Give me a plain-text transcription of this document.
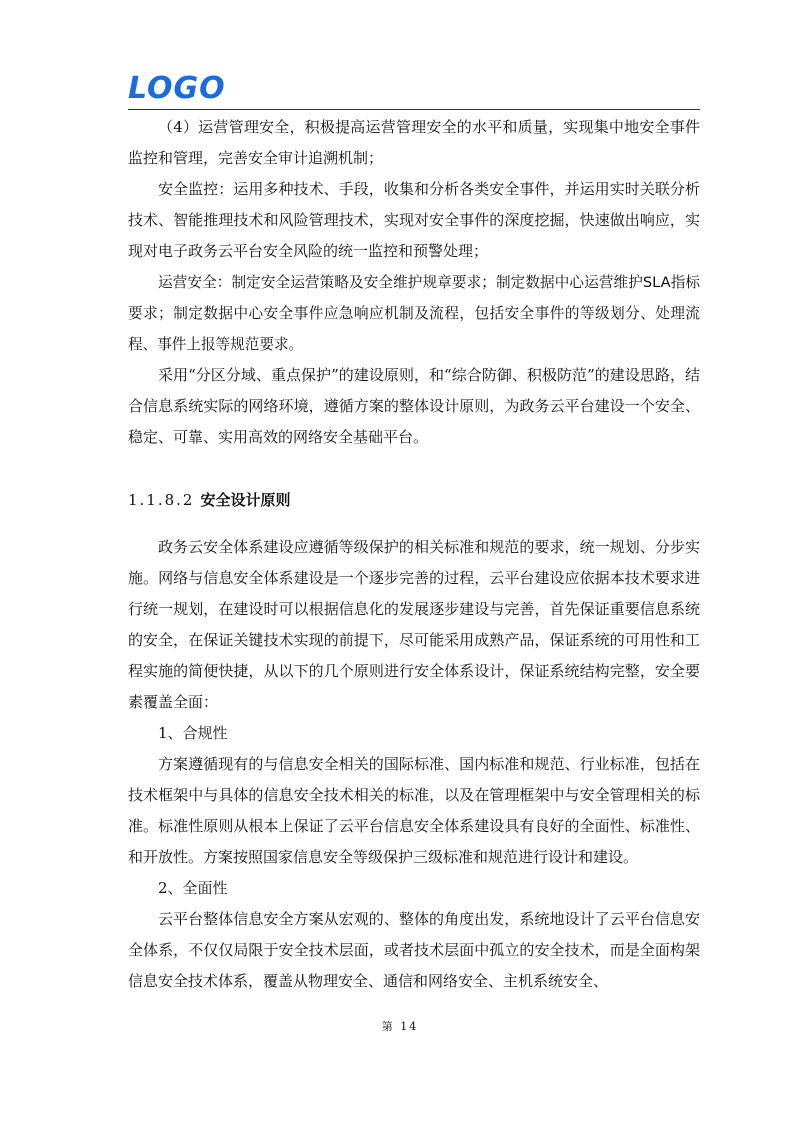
LOGO

（4）运营管理安全，积极提高运营管理安全的水平和质量，实现集中地安全事件监控和管理，完善安全审计追溯机制；

安全监控：运用多种技术、手段，收集和分析各类安全事件，并运用实时关联分析技术、智能推理技术和风险管理技术，实现对安全事件的深度挖掘，快速做出响应，实现对电子政务云平台安全风险的统一监控和预警处理；

运营安全：制定安全运营策略及安全维护规章要求；制定数据中心运营维护SLA指标要求；制定数据中心安全事件应急响应机制及流程，包括安全事件的等级划分、处理流程、事件上报等规范要求。

采用“分区分域、重点保护”的建设原则，和“综合防御、积极防范”的建设思路，结合信息系统实际的网络环境，遵循方案的整体设计原则，为政务云平台建设一个安全、稳定、可靠、实用高效的网络安全基础平台。

1.1.8.2 安全设计原则

政务云安全体系建设应遵循等级保护的相关标准和规范的要求，统一规划、分步实施。网络与信息安全体系建设是一个逐步完善的过程，云平台建设应依据本技术要求进行统一规划，在建设时可以根据信息化的发展逐步建设与完善，首先保证重要信息系统的安全，在保证关键技术实现的前提下，尽可能采用成熟产品，保证系统的可用性和工程实施的简便快捷，从以下的几个原则进行安全体系设计，保证系统结构完整，安全要素覆盖全面：

1、合规性

方案遵循现有的与信息安全相关的国际标准、国内标准和规范、行业标准，包括在技术框架中与具体的信息安全技术相关的标准，以及在管理框架中与安全管理相关的标准。标准性原则从根本上保证了云平台信息安全体系建设具有良好的全面性、标准性、和开放性。方案按照国家信息安全等级保护三级标准和规范进行设计和建设。

2、全面性

云平台整体信息安全方案从宏观的、整体的角度出发，系统地设计了云平台信息安全体系，不仅仅局限于安全技术层面，或者技术层面中孤立的安全技术，而是全面构架信息安全技术体系，覆盖从物理安全、通信和网络安全、主机系统安全、

第 14
